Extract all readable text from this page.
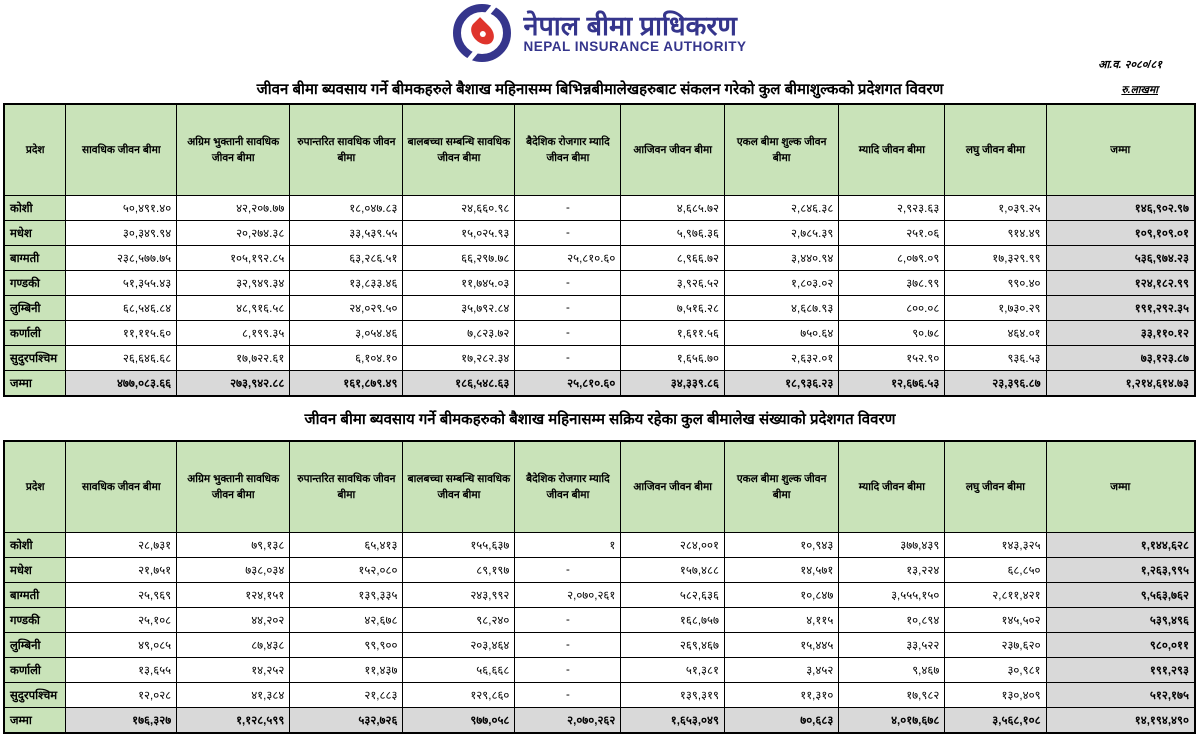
नेपाल बीमा प्राधिकरण
NEPAL INSURANCE AUTHORITY
आ.व. २०८०/८१
रु.लाखमा
जीवन बीमा ब्यवसाय गर्ने बीमकहरुले बैशाख महिनासम्म बिभिन्नबीमालेखहरुबाट संकलन गरेको कुल बीमाशुल्कको प्रदेशगत विवरण
प्रदेश	सावधिक जीवन बीमा	अग्रिम भुक्तानी सावधिक जीवन बीमा	रुपान्तरित सावधिक जीवन बीमा	बालबच्चा सम्बन्धि सावधिक जीवन बीमा	बैदेशिक रोजगार म्यादि जीवन बीमा	आजिवन जीवन बीमा	एकल बीमा शुल्क जीवन बीमा	म्यादि जीवन बीमा	लघु जीवन बीमा	जम्मा
कोशी	५०,४९१.४०	४२,२०७.७७	१८,०४७.८३	२४,६६०.९८	-	४,६८५.७२	२,८४६.३८	२,९२३.६३	१,०३९.२५	१४६,९०२.९७
मधेश	३०,३४९.९४	२०,२७४.३८	३३,५३९.५५	१५,०२५.९३	-	५,९७६.३६	२,७८५.३९	२५१.०६	९१४.४९	१०९,१०९.०१
बाग्मती	२३८,५७७.७५	१०५,१९२.८५	६३,२८६.५१	६६,२९७.७८	२५,८१०.६०	८,९६६.७२	३,४४०.९४	८,०७९.०९	१७,३२९.९९	५३६,९७४.२३
गण्डकी	५१,३५५.४३	३२,९४९.३४	१३,८३३.४६	११,७४५.०३	-	३,९२६.५२	१,८०३.०२	३७८.९९	९९०.४०	१२४,१८२.९९
लुम्बिनी	६८,५४६.८४	४८,९१६.५८	२४,०२९.५०	३५,७९२.८४	-	७,५१६.२८	४,६८७.९३	८००.०८	१,७३०.२९	१९१,२९२.३५
कर्णाली	११,११५.६०	८,१९९.३५	३,०५४.४६	७,८२३.७२	-	१,६११.५६	७५०.६४	९०.७८	४६४.०१	३३,११०.१२
सुदुरपश्चिम	२६,६४६.६८	१७,७२२.६१	६,१०४.१०	१७,२८२.३४	-	१,६५६.७०	२,६३२.०१	१५२.९०	९३६.५३	७३,१२३.८७
जम्मा	४७७,०८३.६६	२७३,९४२.८८	१६१,८७९.४९	१८६,५४८.६३	२५,८१०.६०	३४,३३९.८६	१८,९३६.२३	१२,६७६.५३	२३,३९६.८७	१,२१४,६१४.७३
जीवन बीमा ब्यवसाय गर्ने बीमकहरुको बैशाख महिनासम्म सक्रिय रहेका कुल बीमालेख संख्याको प्रदेशगत विवरण
प्रदेश	सावधिक जीवन बीमा	अग्रिम भुक्तानी सावधिक जीवन बीमा	रुपान्तरित सावधिक जीवन बीमा	बालबच्चा सम्बन्धि सावधिक जीवन बीमा	बैदेशिक रोजगार म्यादि जीवन बीमा	आजिवन जीवन बीमा	एकल बीमा शुल्क जीवन बीमा	म्यादि जीवन बीमा	लघु जीवन बीमा	जम्मा
कोशी	२८,७३१	७९,१३८	६५,४१३	१५५,६३७	१	२८४,००१	१०,९४३	३७७,४३९	१४३,३२५	१,१४४,६२८
मधेश	२१,७५१	७३८,०३४	१५२,०८०	८९,१९७	-	१५७,४८८	१४,५७१	१३,२२४	६८,८५०	१,२६३,९९५
बाग्मती	२५,९६९	१२४,१५१	१३९,३३५	२४३,९९२	२,०७०,२६१	५८२,६३६	१०,८४७	३,५५५,१५०	२,८११,४२१	९,५६३,७६२
गण्डकी	२५,१०८	४४,२०२	४२,६७८	९८,२४०	-	१६८,७५७	४,११५	१०,८९४	१४५,५०२	५३९,४९६
लुम्बिनी	४९,०८५	८७,४३८	९९,९००	२०३,४६४	-	२६९,४६७	१५,४४५	३३,५२२	२३७,६२०	९८०,०११
कर्णाली	१३,६५५	१४,२५२	११,४३७	५६,६६८	-	५१,३८१	३,४५२	९,४६७	३०,९८१	१९१,२९३
सुदुरपश्चिम	१२,०२८	४१,३८४	२१,८८३	१२९,८६०	-	१३९,३१९	११,३१०	१७,९८२	१३०,४०९	५१२,१७५
जम्मा	१७६,३२७	१,१२८,५९९	५३२,७२६	९७७,०५८	२,०७०,२६२	१,६५३,०४९	७०,६८३	४,०१७,६७८	३,५६८,१०८	१४,१९४,४९०
